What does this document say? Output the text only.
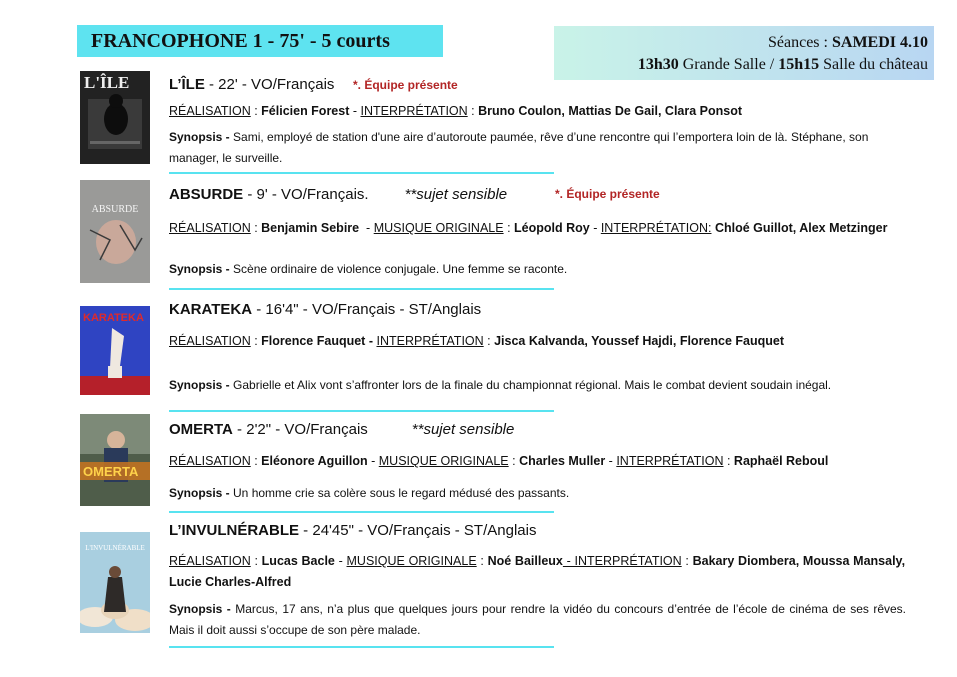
FRANCOPHONE 1 - 75' - 5 courts	Séances : SAMEDI 4.10
13h30 Grande Salle / 15h15 Salle du château
L'ÎLE	L’ÎLE - 22' - VO/Français *. Équipe présente
RÉALISATION : Félicien Forest - INTERPRÉTATION : Bruno Coulon, Mattias De Gail, Clara Ponsot
Synopsis - Sami, employé de station d'une aire d’autoroute paumée, rêve d’une rencontre qui l’emportera loin de là. Stéphane, son manager, le surveille.
ABSURDE
ABSURDE - 9' - VO/Français. **sujet sensible	*. Équipe présente
RÉALISATION : Benjamin Sebire  - MUSIQUE ORIGINALE : Léopold Roy - INTERPRÉTATION: Chloé Guillot, Alex Metzinger
Synopsis - Scène ordinaire de violence conjugale. Une femme se raconte.
KARATEKA KARATEKA - 16'4" - VO/Français - ST/Anglais
RÉALISATION : Florence Fauquet - INTERPRÉTATION : Jisca Kalvanda, Youssef Hajdi, Florence Fauquet
Synopsis - Gabrielle et Alix vont s’affronter lors de la finale du championnat régional. Mais le combat devient soudain inégal.
OMERTA
OMERTA - 2'2" - VO/Français	**sujet sensible
RÉALISATION : Eléonore Aguillon - MUSIQUE ORIGINALE : Charles Muller - INTERPRÉTATION : Raphaël Reboul
Synopsis - Un homme crie sa colère sous le regard médusé des passants.
L'INVULNÉRABLE
L’INVULNÉRABLE - 24'45" - VO/Français - ST/Anglais
RÉALISATION : Lucas Bacle - MUSIQUE ORIGINALE : Noé Bailleux - INTERPRÉTATION : Bakary Diombera, Moussa Mansaly, Lucie Charles-Alfred
Synopsis - Marcus, 17 ans, n’a plus que quelques jours pour rendre la vidéo du concours d’entrée de l’école de cinéma de ses rêves. Mais il doit aussi s’occupe de son père malade.
